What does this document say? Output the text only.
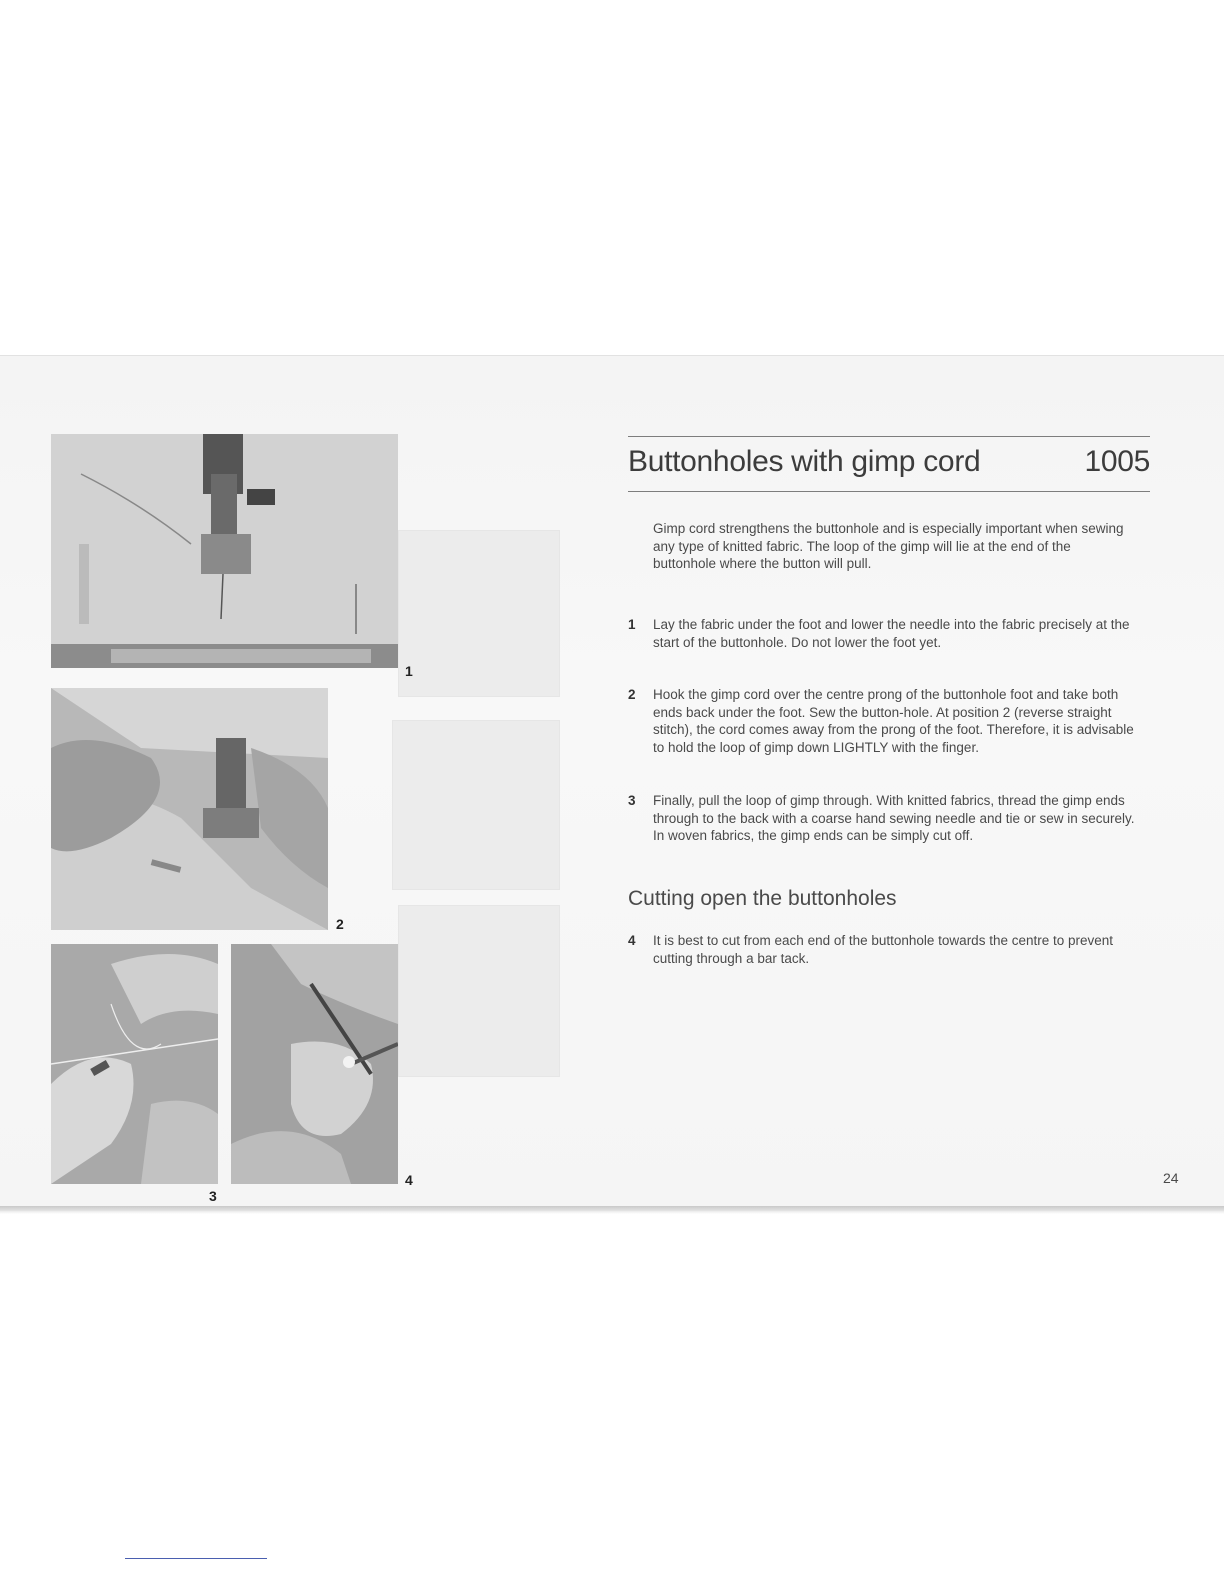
1
2
3
4
Buttonholes with gimp cord	1005
Gimp cord strengthens the buttonhole and is especially important when sewing any type of knitted fabric. The loop of the gimp will lie at the end of the buttonhole where the button will pull.
1 Lay the fabric under the foot and lower the needle into the fabric precisely at the start of the buttonhole. Do not lower the foot yet.
2 Hook the gimp cord over the centre prong of the buttonhole foot and take both ends back under the foot. Sew the button-hole. At position 2 (reverse straight stitch), the cord comes away from the prong of the foot. Therefore, it is advisable to hold the loop of gimp down LIGHTLY with the finger.
3 Finally, pull the loop of gimp through. With knitted fabrics, thread the gimp ends through to the back with a coarse hand sewing needle and tie or sew in securely. In woven fabrics, the gimp ends can be simply cut off.
Cutting open the buttonholes
4 It is best to cut from each end of the buttonhole towards the centre to prevent cutting through a bar tack.
24
